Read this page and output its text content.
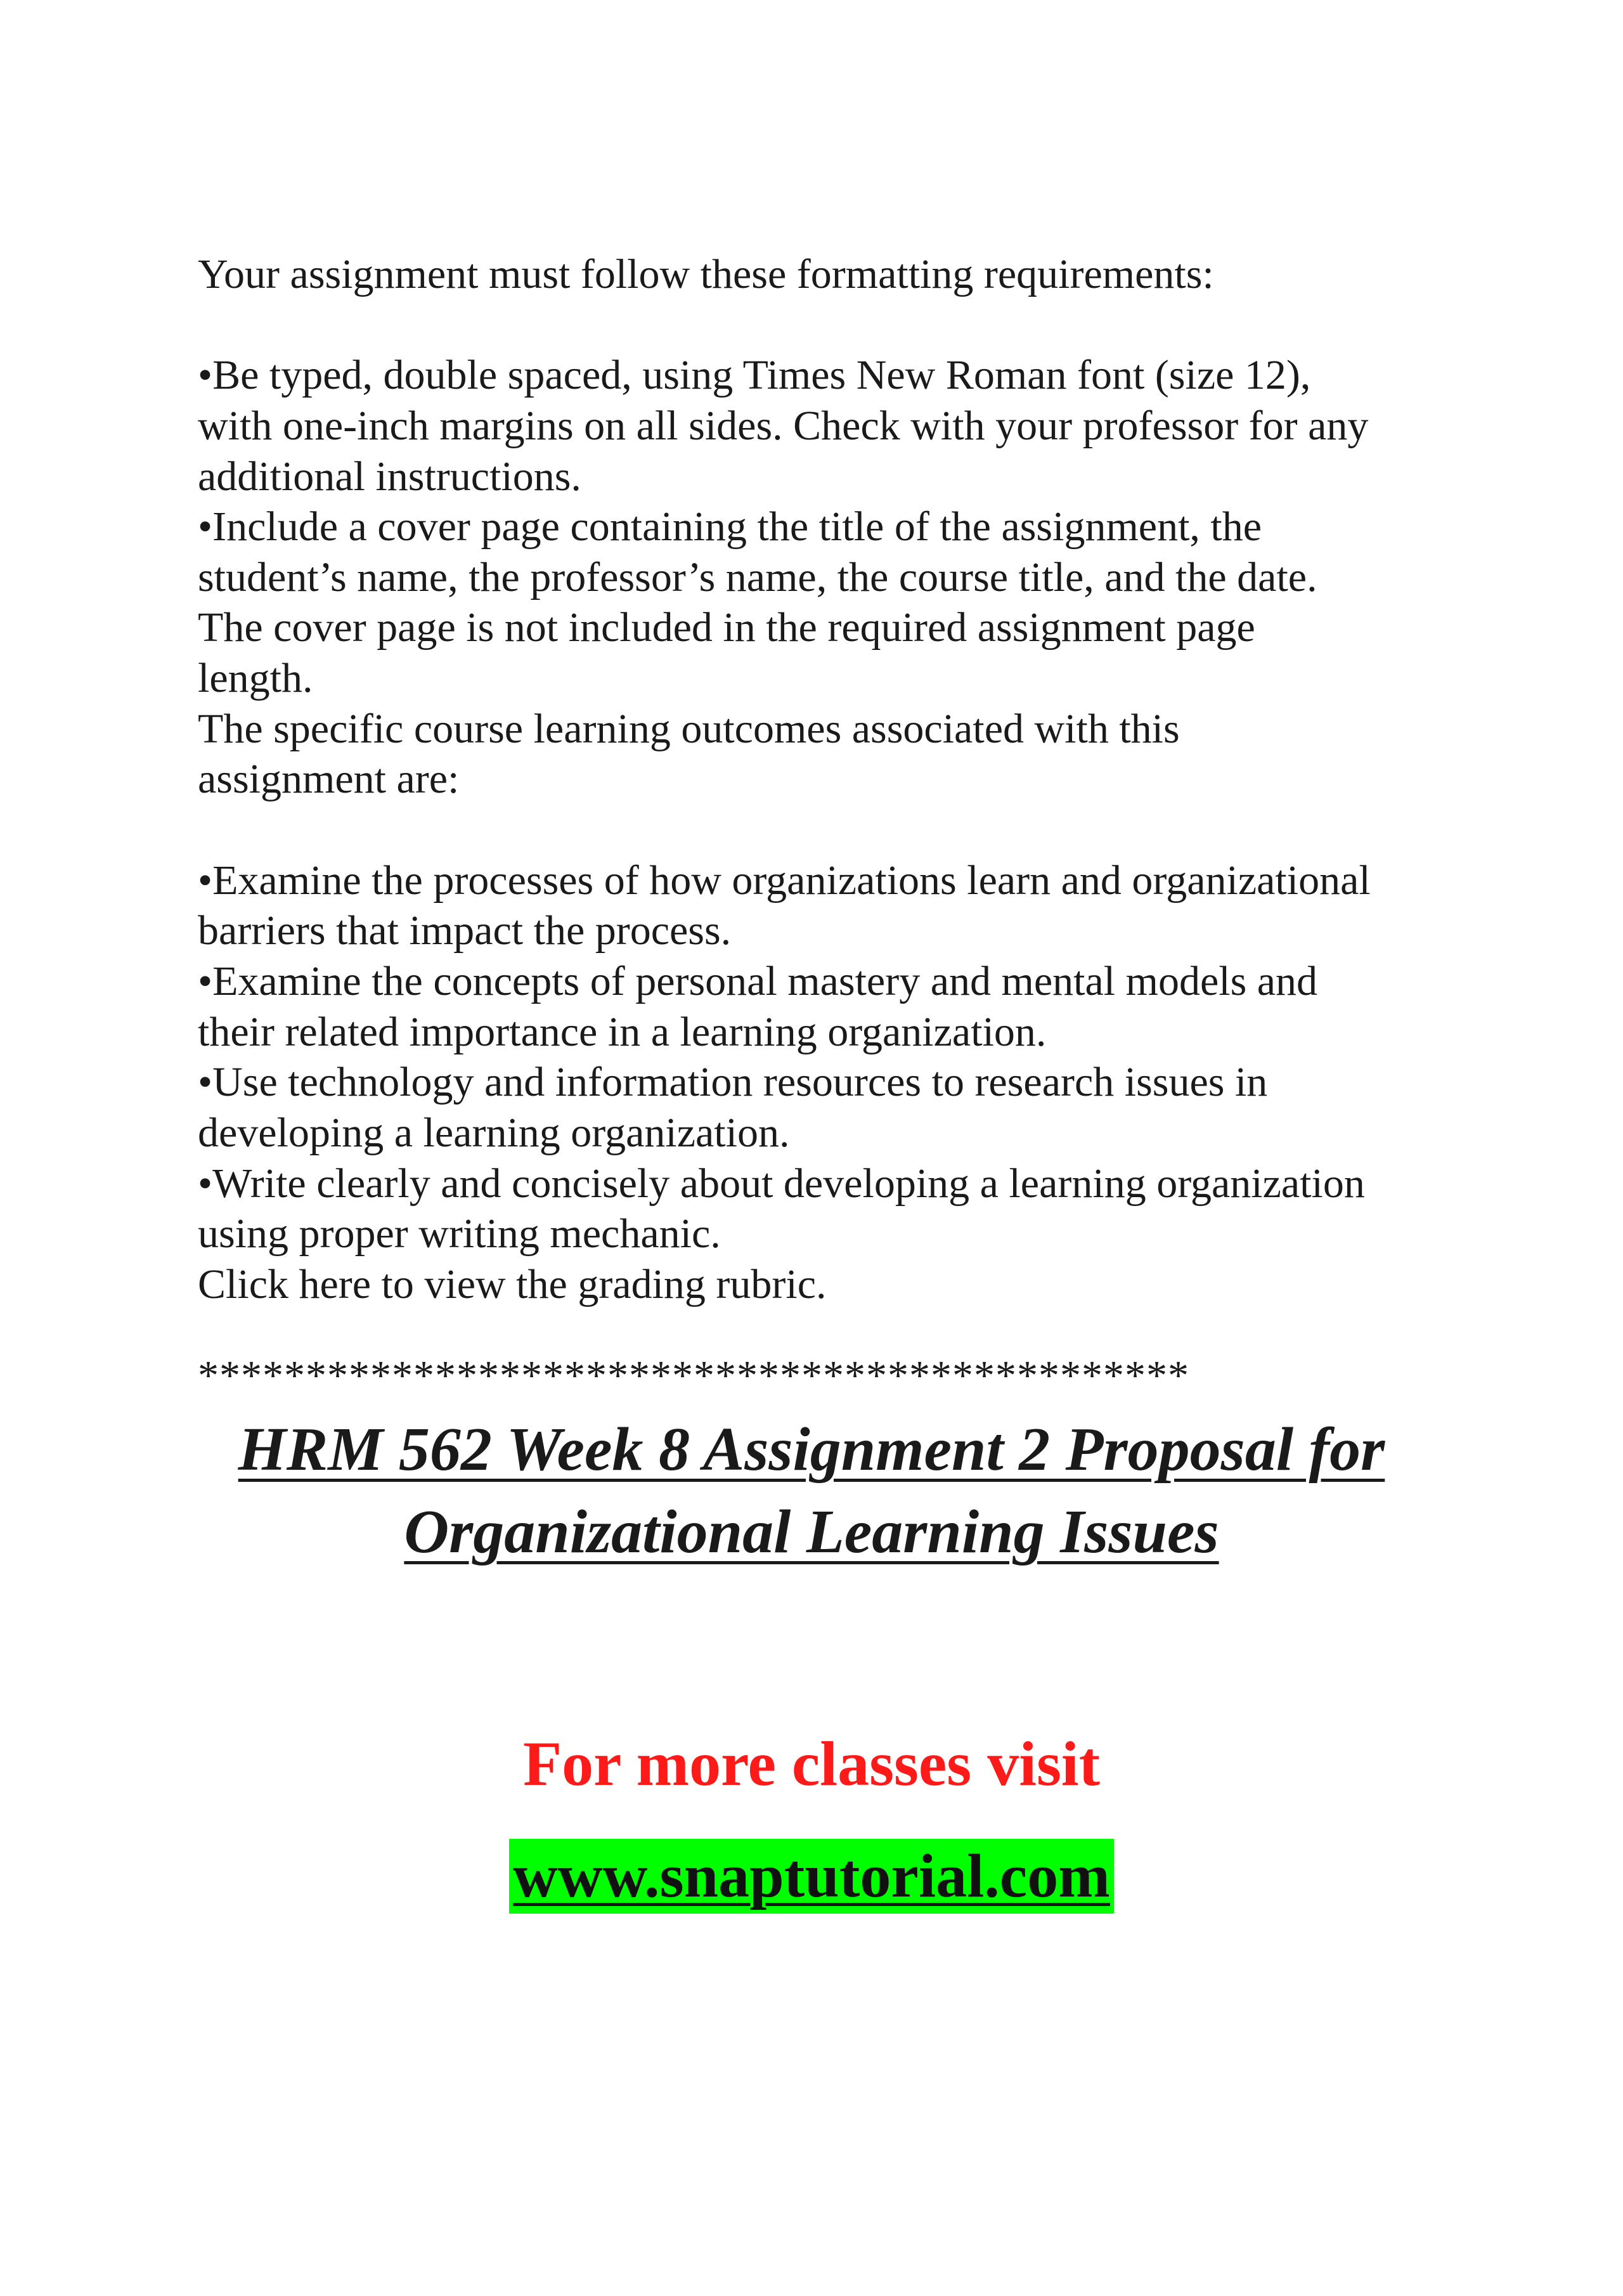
Your assignment must follow these formatting requirements:

•Be typed, double spaced, using Times New Roman font (size 12),

with one-inch margins on all sides. Check with your professor for any

additional instructions.

•Include a cover page containing the title of the assignment, the

student’s name, the professor’s name, the course title, and the date.

The cover page is not included in the required assignment page

length.

The specific course learning outcomes associated with this

assignment are:

•Examine the processes of how organizations learn and organizational

barriers that impact the process.

•Examine the concepts of personal mastery and mental models and

their related importance in a learning organization.

•Use technology and information resources to research issues in

developing a learning organization.

•Write clearly and concisely about developing a learning organization

using proper writing mechanic.

Click here to view the grading rubric.

**********************************************
HRM 562 Week 8 Assignment 2 Proposal for
Organizational Learning Issues
For more classes visit
www.snaptutorial.com
